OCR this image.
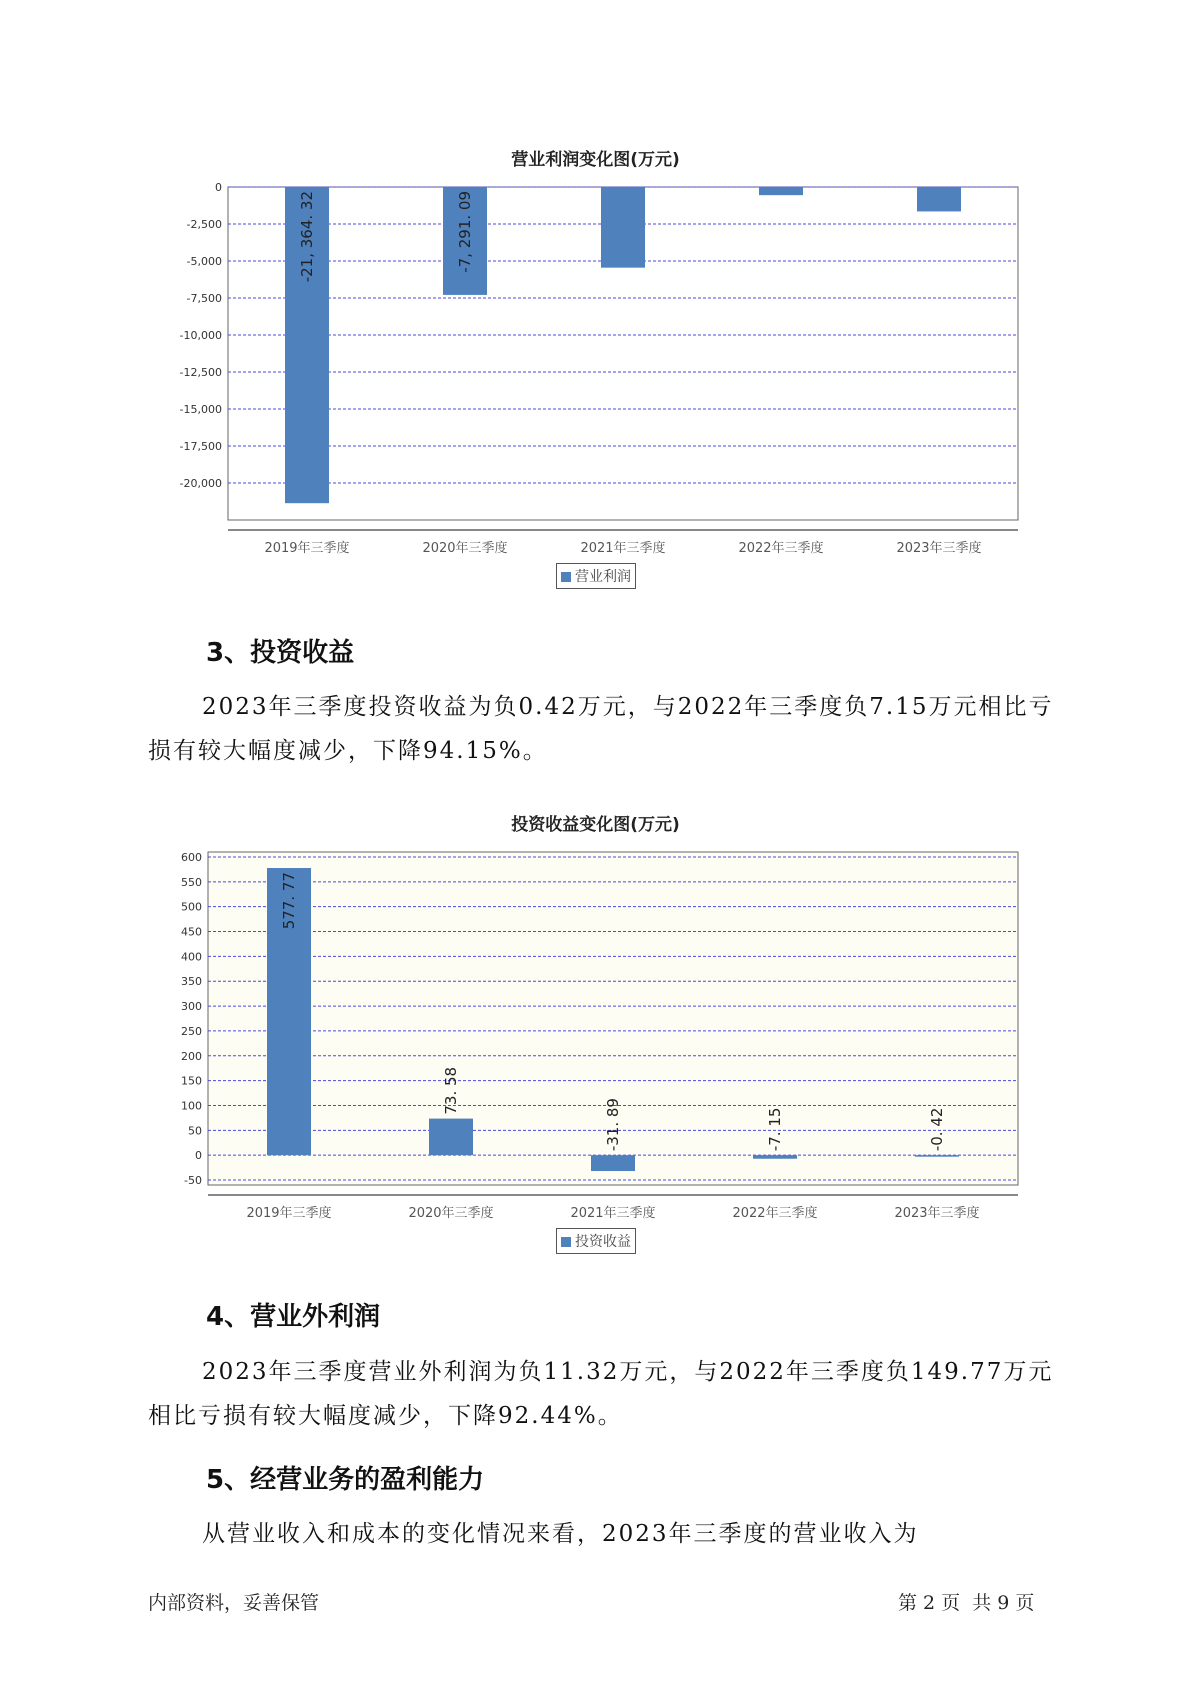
营业利润变化图(万元)
0
-2,500
-5,000
-7,500
-10,000
-12,500
-15,000
-17,500
-20,000
-21, 364. 32
2019年三季度
-7, 291. 09
2020年三季度	2021年三季度	2022年三季度	2023年三季度
营业利润
3、投资收益
2023年三季度投资收益为负0.42万元，与2022年三季度负7.15万元相比亏损有较大幅度减少，下降94.15%。
投资收益变化图(万元)
600
550
500
450
400
350
300
250
200
150
100
50
0
-50
577. 77
2019年三季度
73. 58
2020年三季度
-31. 89
2021年三季度
-7. 15
2022年三季度
-0. 42
2023年三季度
投资收益
4、营业外利润
2023年三季度营业外利润为负11.32万元，与2022年三季度负149.77万元相比亏损有较大幅度减少，下降92.44%。
5、经营业务的盈利能力
从营业收入和成本的变化情况来看，2023年三季度的营业收入为
内部资料，妥善保管	第 2 页  共 9 页
